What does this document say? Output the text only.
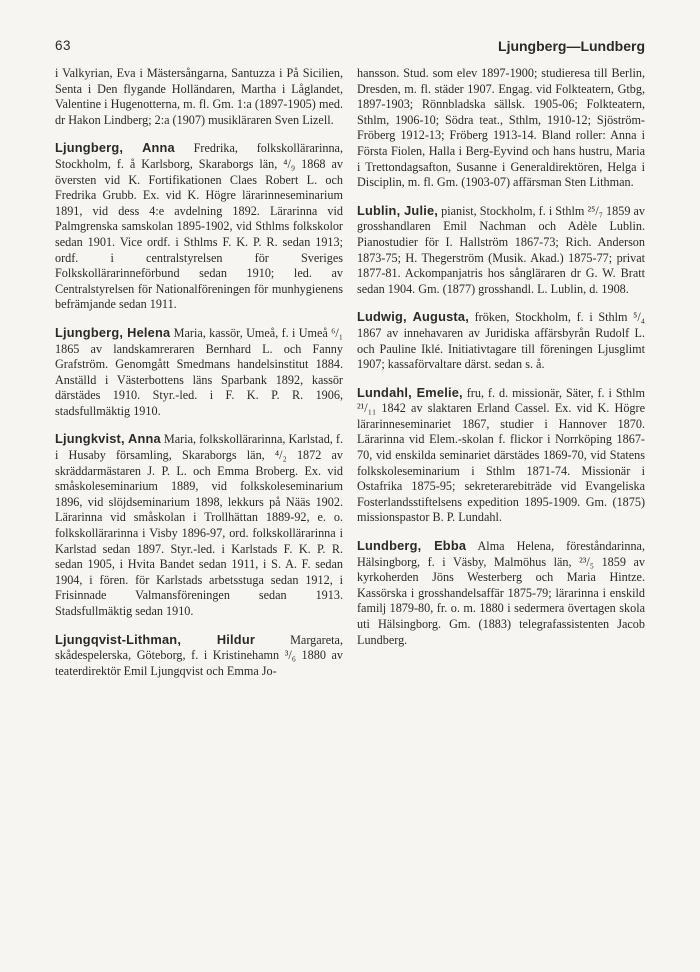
63	Ljungberg—Lundberg

i Valkyrian, Eva i Mästersångarna, Santuzza i På Sicilien, Senta i Den flygande Holländaren, Martha i Låglandet, Valentine i Hugenotterna, m. fl. Gm. 1:a (1897-1905) med. dr Hakon Lindberg; 2:a (1907) musikläraren Sven Lizell.

Ljungberg, Anna Fredrika, folkskollärarinna, Stockholm, f. å Karlsborg, Skaraborgs län, ⁴/₉ 1868 av översten vid K. Fortifikationen Claes Robert L. och Fredrika Grubb. Ex. vid K. Högre lärarinneseminarium 1891, vid dess 4:e avdelning 1892. Lärarinna vid Palmgrenska samskolan 1895-1902, vid Sthlms folkskolor sedan 1901. Vice ordf. i Sthlms F. K. P. R. sedan 1913; ordf. i centralstyrelsen för Sveriges Folkskollärarinneförbund sedan 1910; led. av Centralstyrelsen för Nationalföreningen för munhygienens befrämjande sedan 1911.

Ljungberg, Helena Maria, kassör, Umeå, f. i Umeå ⁶/₁ 1865 av landskamreraren Bernhard L. och Fanny Grafström. Genomgått Smedmans handelsinstitut 1884. Anställd i Västerbottens läns Sparbank 1892, kassör därstädes 1910. Styr.-led. i F. K. P. R. 1906, stadsfullmäktig 1910.

Ljungkvist, Anna Maria, folkskollärarinna, Karlstad, f. i Husaby församling, Skaraborgs län, ⁴/₂ 1872 av skräddarmästaren J. P. L. och Emma Broberg. Ex. vid småskoleseminarium 1889, vid folkskoleseminarium 1896, vid slöjdseminarium 1898, lekkurs på Nääs 1902. Lärarinna vid småskolan i Trollhättan 1889-92, e. o. folkskollärarinna i Visby 1896-97, ord. folkskollärarinna i Karlstad sedan 1897. Styr.-led. i Karlstads F. K. P. R. sedan 1905, i Hvita Bandet sedan 1911, i S. A. F. sedan 1904, i fören. för Karlstads arbetsstuga sedan 1912, i Frisinnade Valmansföreningen sedan 1913. Stadsfullmäktig sedan 1910.

Ljungqvist-Lithman, Hildur	Margareta, skådespelerska, Göteborg, f. i Kristinehamn ³/₆ 1880 av teaterdirektör Emil Ljungqvist och Emma Jo-

hansson. Stud. som elev 1897-1900; studieresa till Berlin, Dresden, m. fl. städer 1907. Engag. vid Folkteatern, Gtbg, 1897-1903; Rönnbladska sällsk. 1905-06; Folkteatern, Sthlm, 1906-10; Södra teat., Sthlm, 1910-12; Sjöström-Fröberg 1912-13; Fröberg 1913-14. Bland roller: Anna i Första Fiolen, Halla i Berg-Eyvind och hans hustru, Maria i Trettondagsafton, Susanne i Generaldirektören, Helga i Disciplin, m. fl. Gm. (1903-07) affärsman Sten Lithman.

Lublin, Julie, pianist, Stockholm, f. i Sthlm ²⁵/₇ 1859 av grosshandlaren Emil Nachman och Adèle Lublin. Pianostudier för I. Hallström 1867-73; Rich. Anderson 1873-75; H. Thegerström (Musik. Akad.) 1875-77; privat 1877-81. Ackompanjatris hos sångläraren dr G. W. Bratt sedan 1904. Gm. (1877) grosshandl. L. Lublin, d. 1908.

Ludwig, Augusta, fröken, Stockholm, f. i Sthlm ⁵/₄ 1867 av innehavaren av Juridiska affärsbyrån Rudolf L. och Pauline Iklé. Initiativtagare till föreningen Ljusglimt 1907; kassaförvaltare därst. sedan s. å.

Lundahl, Emelie, fru, f. d. missionär, Säter, f. i Sthlm ²¹/₁₁ 1842 av slaktaren Erland Cassel. Ex. vid K. Högre lärarinneseminariet 1867, studier i Hannover 1870. Lärarinna vid Elem.-skolan f. flickor i Norrköping 1867-70, vid enskilda seminariet därstädes 1869-70, vid Statens folkskoleseminarium i Sthlm 1871-74. Missionär i Ostafrika 1875-95; sekreterarebiträde vid Evangeliska Fosterlandsstiftelsens expedition 1895-1909. Gm. (1875) missionspastor B. P. Lundahl.

Lundberg, Ebba Alma Helena, föreståndarinna, Hälsingborg, f. i Väsby, Malmöhus län, ²³/₅ 1859 av kyrkoherden Jöns Westerberg och Maria Hintze. Kassörska i grosshandelsaffär 1875-79; lärarinna i enskild familj 1879-80, fr. o. m. 1880 i sedermera övertagen skola uti Hälsingborg. Gm. (1883) telegrafassistenten Jacob Lundberg.
